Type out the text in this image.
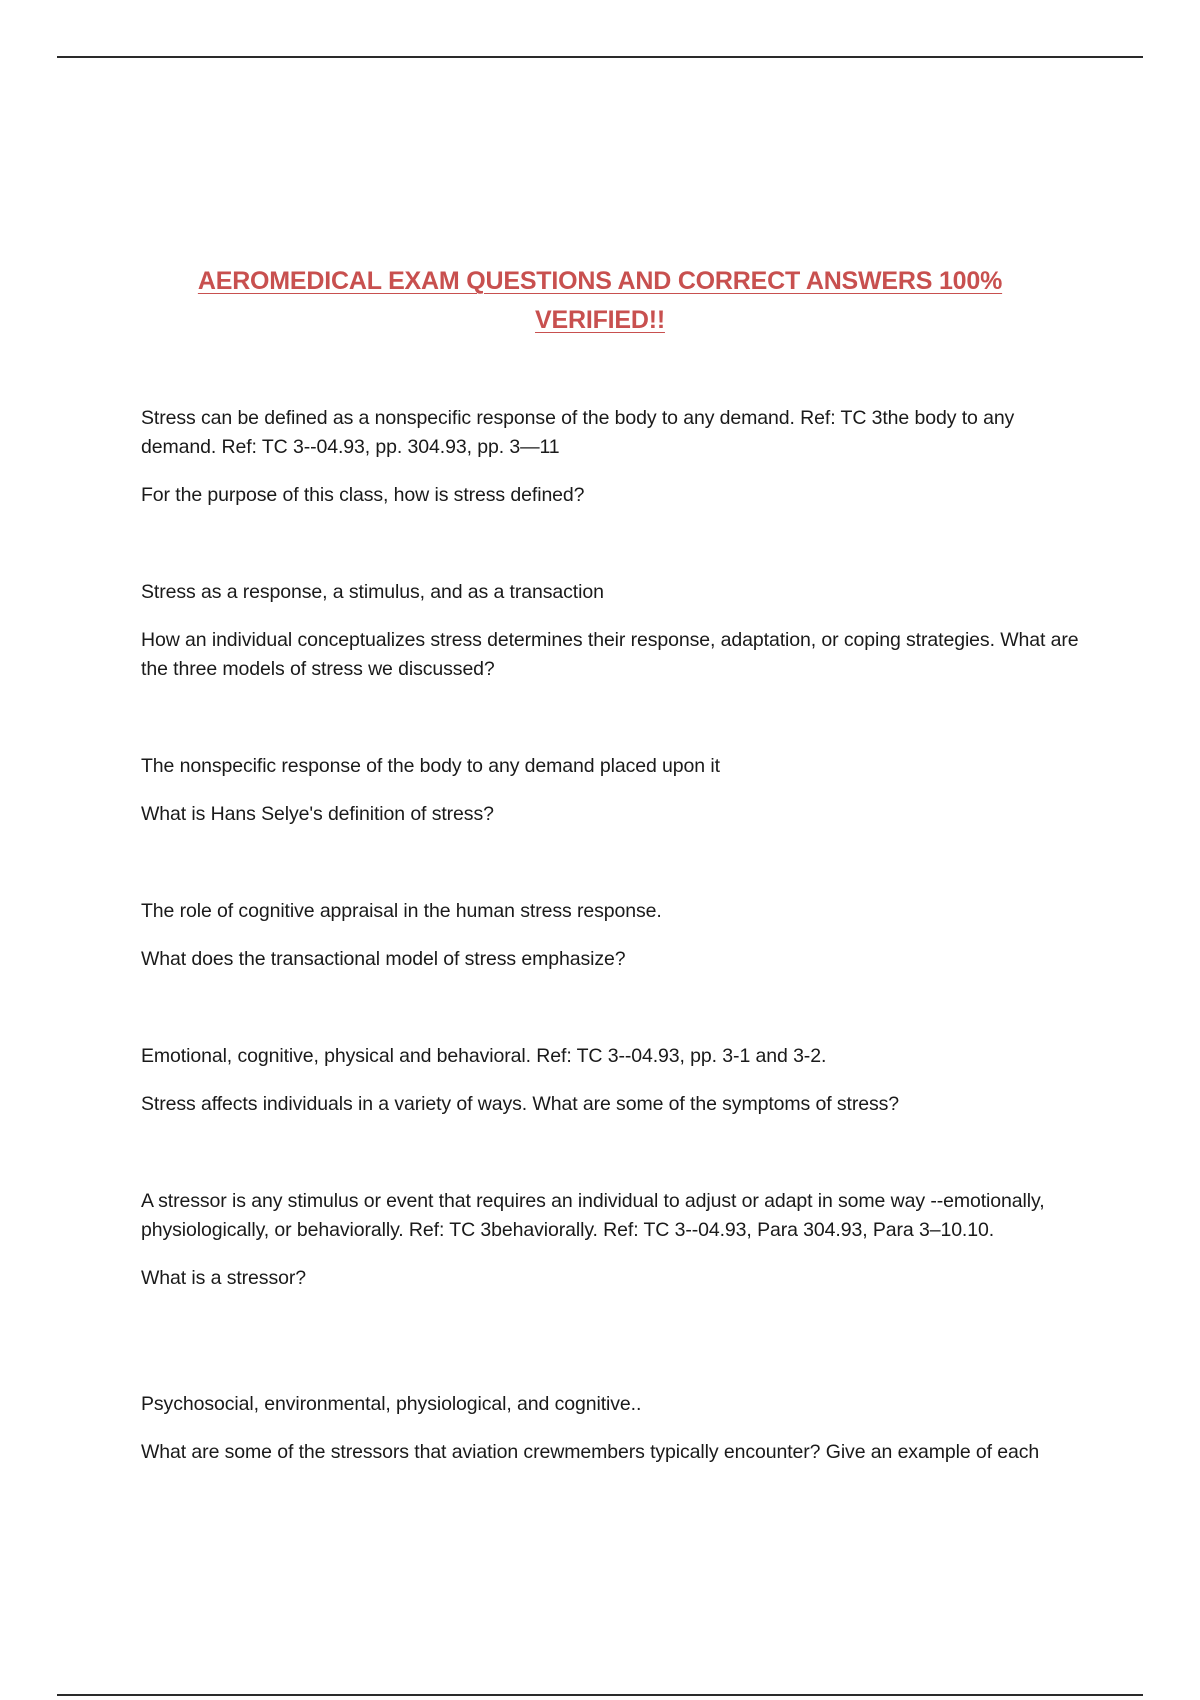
AEROMEDICAL EXAM QUESTIONS AND CORRECT ANSWERS 100%
VERIFIED!!

Stress can be defined as a nonspecific response of the body to any demand. Ref: TC 3the body to any demand. Ref: TC 3--04.93, pp. 304.93, pp. 3—11

For the purpose of this class, how is stress defined?

Stress as a response, a stimulus, and as a transaction

How an individual conceptualizes stress determines their response, adaptation, or coping strategies. What are the three models of stress we discussed?

The nonspecific response of the body to any demand placed upon it

What is Hans Selye's definition of stress?

The role of cognitive appraisal in the human stress response.

What does the transactional model of stress emphasize?

Emotional, cognitive, physical and behavioral. Ref: TC 3--04.93, pp. 3-1 and 3-2.

Stress affects individuals in a variety of ways. What are some of the symptoms of stress?

A stressor is any stimulus or event that requires an individual to adjust or adapt in some way --emotionally, physiologically, or behaviorally. Ref: TC 3behaviorally. Ref: TC 3--04.93, Para 304.93, Para 3–10.10.

What is a stressor?

Psychosocial, environmental, physiological, and cognitive..

What are some of the stressors that aviation crewmembers typically encounter? Give an example of each
